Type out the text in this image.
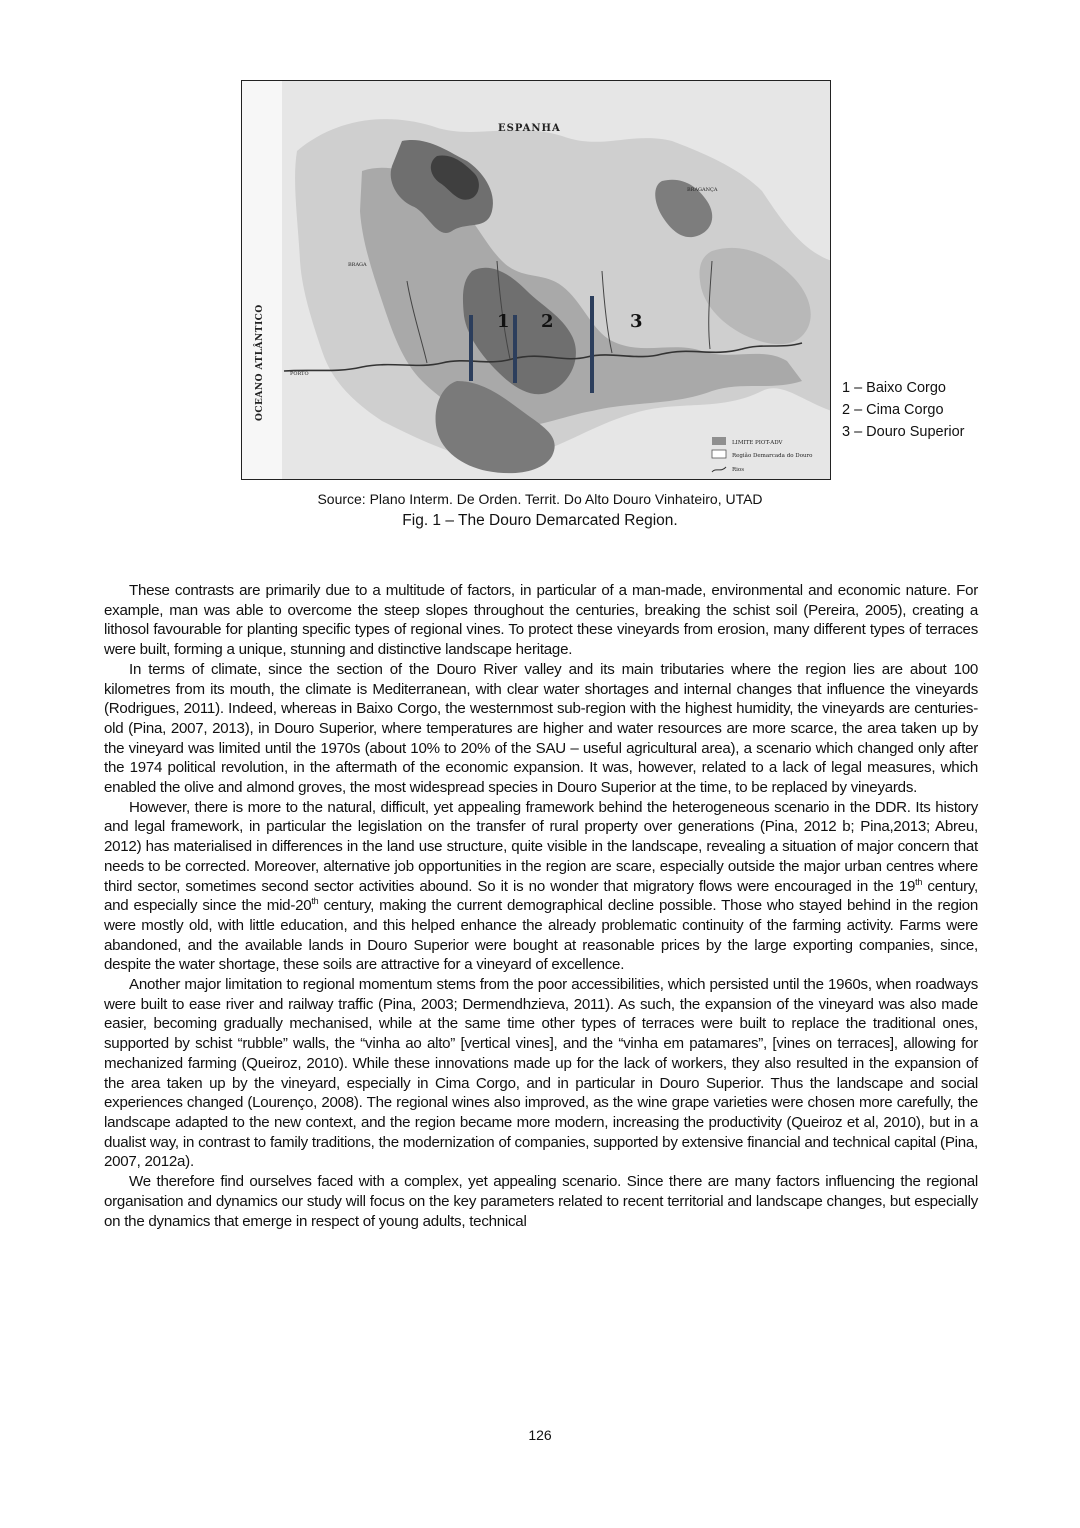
1 2	3
ESPANHA
OCEANO ATLÂNTICO	PORTO
BRAGA
BRAGANÇA
LIMITE PIOT-ADV
Região Demarcada do Douro
Rios
1 – Baixo Corgo
2 – Cima Corgo
3 – Douro Superior
Source: Plano Interm. De Orden. Territ. Do Alto Douro Vinhateiro, UTAD
Fig. 1 – The Douro Demarcated Region.

These contrasts are primarily due to a multitude of factors, in particular of a man-made, environmental and economic nature. For example, man was able to overcome the steep slopes throughout the centuries, breaking the schist soil (Pereira, 2005), creating a lithosol favourable for planting specific types of regional vines. To protect these vineyards from erosion, many different types of terraces were built, forming a unique, stunning and distinctive landscape heritage.

In terms of climate, since the section of the Douro River valley and its main tributaries where the region lies are about 100 kilometres from its mouth, the climate is Mediterranean, with clear water shortages and internal changes that influence the vineyards (Rodrigues, 2011). Indeed, whereas in Baixo Corgo, the westernmost sub-region with the highest humidity, the vineyards are centuries-old (Pina, 2007, 2013), in Douro Superior, where temperatures are higher and water resources are more scarce, the area taken up by the vineyard was limited until the 1970s (about 10% to 20% of the SAU – useful agricultural area), a scenario which changed only after the 1974 political revolution, in the aftermath of the economic expansion. It was, however, related to a lack of legal measures, which enabled the olive and almond groves, the most widespread species in Douro Superior at the time, to be replaced by vineyards.

However, there is more to the natural, difficult, yet appealing framework behind the heterogeneous scenario in the DDR. Its history and legal framework, in particular the legislation on the transfer of rural property over generations (Pina, 2012 b; Pina,2013; Abreu, 2012) has materialised in differences in the land use structure, quite visible in the landscape, revealing a situation of major concern that needs to be corrected. Moreover, alternative job opportunities in the region are scare, especially outside the major urban centres where third sector, sometimes second sector activities abound. So it is no wonder that migratory flows were encouraged in the 19th century, and especially since the mid-20th century, making the current demographical decline possible. Those who stayed behind in the region were mostly old, with little education, and this helped enhance the already problematic continuity of the farming activity. Farms were abandoned, and the available lands in Douro Superior were bought at reasonable prices by the large exporting companies, since, despite the water shortage, these soils are attractive for a vineyard of excellence.

Another major limitation to regional momentum stems from the poor accessibilities, which persisted until the 1960s, when roadways were built to ease river and railway traffic (Pina, 2003; Dermendhzieva, 2011). As such, the expansion of the vineyard was also made easier, becoming gradually mechanised, while at the same time other types of terraces were built to replace the traditional ones, supported by schist “rubble” walls, the “vinha ao alto” [vertical vines], and the “vinha em patamares”, [vines on terraces], allowing for mechanized farming (Queiroz, 2010). While these innovations made up for the lack of workers, they also resulted in the expansion of the area taken up by the vineyard, especially in Cima Corgo, and in particular in Douro Superior. Thus the landscape and social experiences changed (Lourenço, 2008). The regional wines also improved, as the wine grape varieties were chosen more carefully, the landscape adapted to the new context, and the region became more modern, increasing the productivity (Queiroz et al, 2010), but in a dualist way, in contrast to family traditions, the modernization of companies, supported by extensive financial and technical capital (Pina, 2007, 2012a).

We therefore find ourselves faced with a complex, yet appealing scenario. Since there are many factors influencing the regional organisation and dynamics our study will focus on the key parameters related to recent territorial and landscape changes, but especially on the dynamics that emerge in respect of young adults, technical

126
